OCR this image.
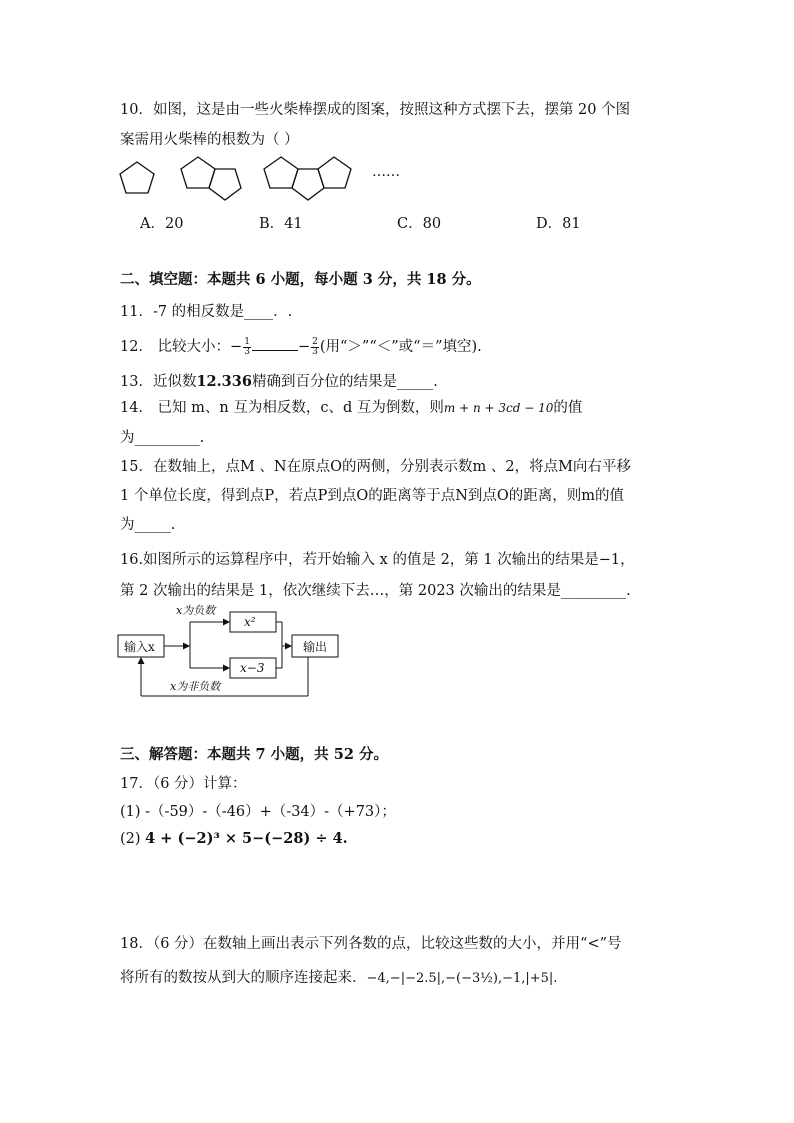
10．如图，这是由一些火柴棒摆成的图案，按照这种方式摆下去，摆第 20 个图
案需用火柴棒的根数为（ ）
……
A．20	B．41	C．80	D．81
二、填空题：本题共 6 小题，每小题 3 分，共 18 分。
11．-7 的相反数是____．.
12． 比较大小：− $\frac{1}{3}$	− $\frac{2}{3}$ (用“＞”“＜”或“＝”填空).
13．近似数12.336精确到百分位的结果是_____.
14． 已知 m、n 互为相反数，c、d 互为倒数，则m + n + 3cd − 10的值
为_________.
15．在数轴上，点M 、N在原点O的两侧，分别表示数m 、2，将点M向右平移
1 个单位长度，得到点P，若点P到点O的距离等于点N到点O的距离，则m的值
为_____.
16.如图所示的运算程序中，若开始输入 x 的值是 2，第 1 次输出的结果是−1，
第 2 次输出的结果是 1，依次继续下去…，第 2023 次输出的结果是_________.
输入x
x为负数
x²
x−3
x为非负数
输出
三、解答题：本题共 7 小题，共 52 分。
17．（6 分）计算：
(1) -（-59）-（-46）+（-34）-（+73）；
(2) 4 + (−2)³ × 5−(−28) ÷ 4.
18．（6 分）在数轴上画出表示下列各数的点，比较这些数的大小，并用“<”号
将所有的数按从到大的顺序连接起来．−4,−|−2.5|,−(−3½),−1,|+5|.
